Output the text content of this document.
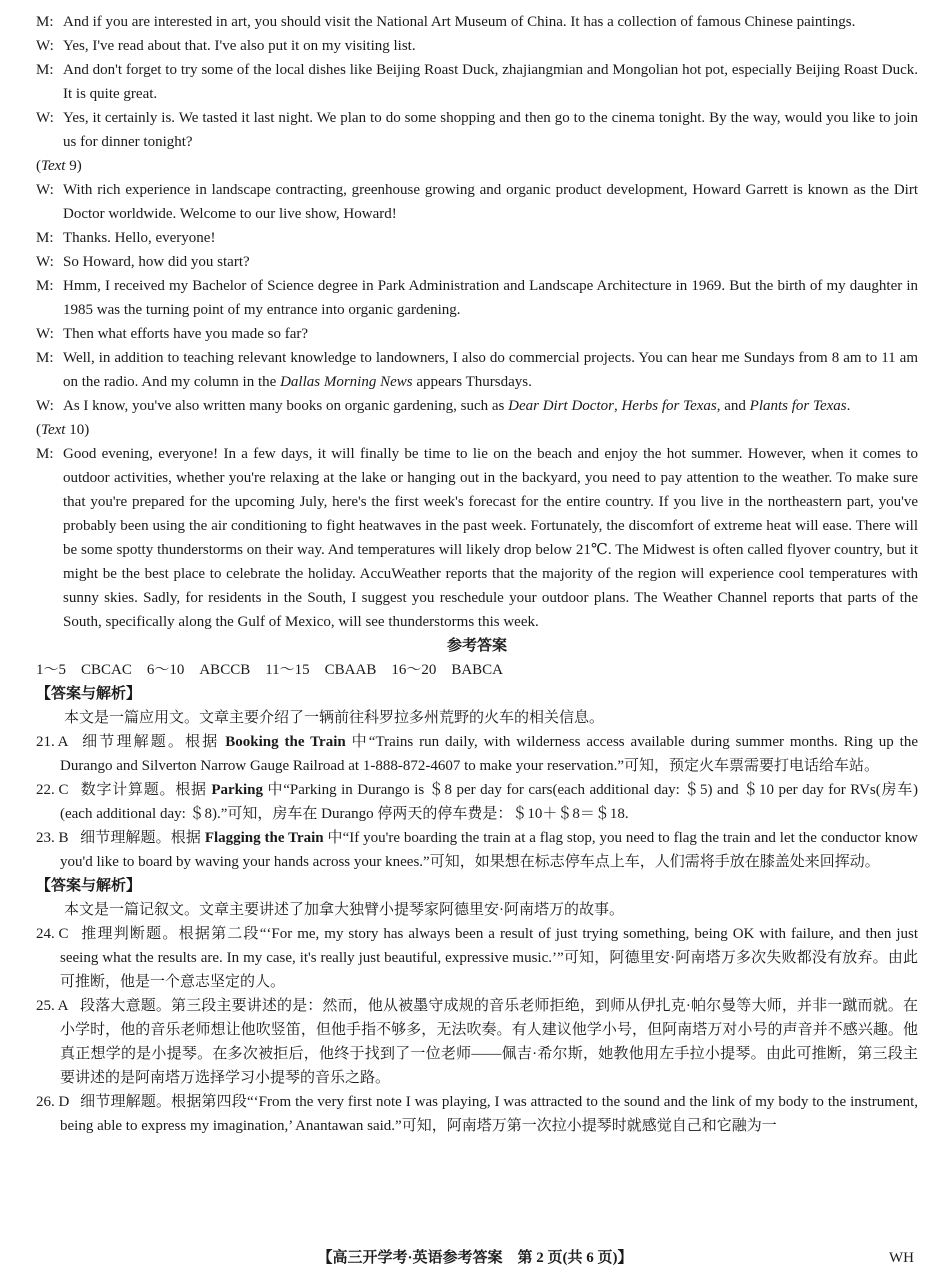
M: And if you are interested in art, you should visit the National Art Museum of China. It has a collection of famous Chinese paintings.
W: Yes, I've read about that. I've also put it on my visiting list.
M: And don't forget to try some of the local dishes like Beijing Roast Duck, zhajiangmian and Mongolian hot pot, especially Beijing Roast Duck. It is quite great.
W: Yes, it certainly is. We tasted it last night. We plan to do some shopping and then go to the cinema tonight. By the way, would you like to join us for dinner tonight?
(Text 9)
W: With rich experience in landscape contracting, greenhouse growing and organic product development, Howard Garrett is known as the Dirt Doctor worldwide. Welcome to our live show, Howard!
M: Thanks. Hello, everyone!
W: So Howard, how did you start?
M: Hmm, I received my Bachelor of Science degree in Park Administration and Landscape Architecture in 1969. But the birth of my daughter in 1985 was the turning point of my entrance into organic gardening.
W: Then what efforts have you made so far?
M: Well, in addition to teaching relevant knowledge to landowners, I also do commercial projects. You can hear me Sundays from 8 am to 11 am on the radio. And my column in the Dallas Morning News appears Thursdays.
W: As I know, you've also written many books on organic gardening, such as Dear Dirt Doctor, Herbs for Texas, and Plants for Texas.
(Text 10)
M: Good evening, everyone! In a few days, it will finally be time to lie on the beach and enjoy the hot summer. However, when it comes to outdoor activities, whether you're relaxing at the lake or hanging out in the backyard, you need to pay attention to the weather. To make sure that you're prepared for the upcoming July, here's the first week's forecast for the entire country. If you live in the northeastern part, you've probably been using the air conditioning to fight heatwaves in the past week. Fortunately, the discomfort of extreme heat will ease. There will be some spotty thunderstorms on their way. And temperatures will likely drop below 21℃. The Midwest is often called flyover country, but it might be the best place to celebrate the holiday. AccuWeather reports that the majority of the region will experience cool temperatures with sunny skies. Sadly, for residents in the South, I suggest you reschedule your outdoor plans. The Weather Channel reports that parts of the South, specifically along the Gulf of Mexico, will see thunderstorms this week.
参考答案
1～5　CBCAC　6～10　ABCCB　11～15　CBAAB　16～20　BABCA
【答案与解析】
本文是一篇应用文。文章主要介绍了一辆前往科罗拉多州荒野的火车的相关信息。
21. A 细节理解题。根据 Booking the Train 中“Trains run daily, with wilderness access available during summer months. Ring up the Durango and Silverton Narrow Gauge Railroad at 1-888-872-4607 to make your reservation.”可知，预定火车票需要打电话给车站。
22. C 数字计算题。根据 Parking 中“Parking in Durango is ＄8 per day for cars(each additional day: ＄5) and ＄10 per day for RVs(房车)(each additional day: ＄8).”可知，房车在 Durango 停两天的停车费是：＄10＋＄8＝＄18.
23. B 细节理解题。根据 Flagging the Train 中“If you're boarding the train at a flag stop, you need to flag the train and let the conductor know you'd like to board by waving your hands across your knees.”可知，如果想在标志停车点上车，人们需将手放在膝盖处来回挥动。
【答案与解析】
本文是一篇记叙文。文章主要讲述了加拿大独臂小提琴家阿德里安·阿南塔万的故事。
24. C 推理判断题。根据第二段“‘For me, my story has always been a result of just trying something, being OK with failure, and then just seeing what the results are. In my case, it's really just beautiful, expressive music.’”可知，阿德里安·阿南塔万多次失败都没有放弃。由此可推断，他是一个意志坚定的人。
25. A 段落大意题。第三段主要讲述的是：然而，他从被墨守成规的音乐老师拒绝，到师从伊扎克·帕尔曼等大师，并非一蹴而就。在小学时，他的音乐老师想让他吹竖笛，但他手指不够多，无法吹奏。有人建议他学小号，但阿南塔万对小号的声音并不感兴趣。他真正想学的是小提琴。在多次被拒后，他终于找到了一位老师——佩吉·希尔斯，她教他用左手拉小提琴。由此可推断，第三段主要讲述的是阿南塔万选择学习小提琴的音乐之路。
26. D 细节理解题。根据第四段“‘From the very first note I was playing, I was attracted to the sound and the link of my body to the instrument, being able to express my imagination,’ Anantawan said.”可知，阿南塔万第一次拉小提琴时就感觉自己和它融为一
【高三开学考·英语参考答案　第 2 页(共 6 页)】	WH
